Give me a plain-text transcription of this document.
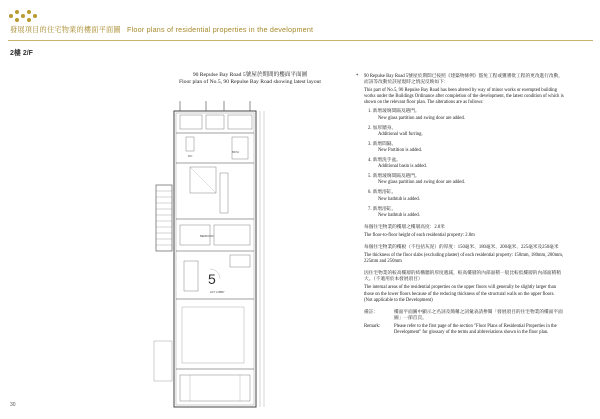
發展項目的住宅物業的樓面平面圖 Floor plans of residential properties in the development
2樓 2/F
90 Repulse Bay Road 5號屋於期間的樓面平面圖
Floor plan of No.5, 90 Repulse Bay Road showing latest layout
5
LIFT LOBBY
WC
BATH
BEDROOM
* 90 Repulse Bay Road 5號屋於期間已按照《建築物條例》豁免工程或獲審批工程的更改進行改動，而該等改動於該屋現時之情況反映如下：

This part of No.5, 90 Repulse Bay Road has been altered by way of minor works or exempted building works under the Buildings Ordinance after completion of the development, the latest condition of which is shown on the relevant floor plan. The alterations are as follows:

1. 新增玻璃間隔及趟門。
New glass partition and swing door are added.
2. 加厚牆身。
Additional wall furring.
3. 新增間隔。
New Partition is added.
4. 新增洗手盆。
Additional basin is added.
5. 新增玻璃間隔及趟門。
New glass partition and swing door are added.
6. 新增浴缸。
New bathtub is added.
7. 新增浴缸。
New bathtub is added.

每個住宅物業的樓層之樓層高度：2.8米

The floor-to-floor height of each residential property: 2.8m

每個住宅物業的樓板（不包括灰泥）的厚度：150毫米、180毫米、200毫米、225毫米及250毫米

The thickness of the floor slabs (excluding plaster) of each residential property: 150mm, 180mm, 200mm, 225mm and 250mm

因住宅物業的較高樓層的結構牆的厚度遞減，較高樓層的內部面積一般比較低樓層的內部面積稍大。（不適用於本發展項目）

The internal areas of the residential properties on the upper floors will generally be slightly larger than those on the lower floors because of the reducing thickness of the structural walls on the upper floors. (Not applicable to the Development)

備註：	樓面平面圖中顯示之名詞及簡稱之詞彙表請參閱「發展項目的住宅物業的樓面平面圖」一節首頁。
Remark:	Please refer to the first page of the section "Floor Plans of Residential Properties in the Development" for glossary of the terms and abbreviations shown in the floor plan.
30
